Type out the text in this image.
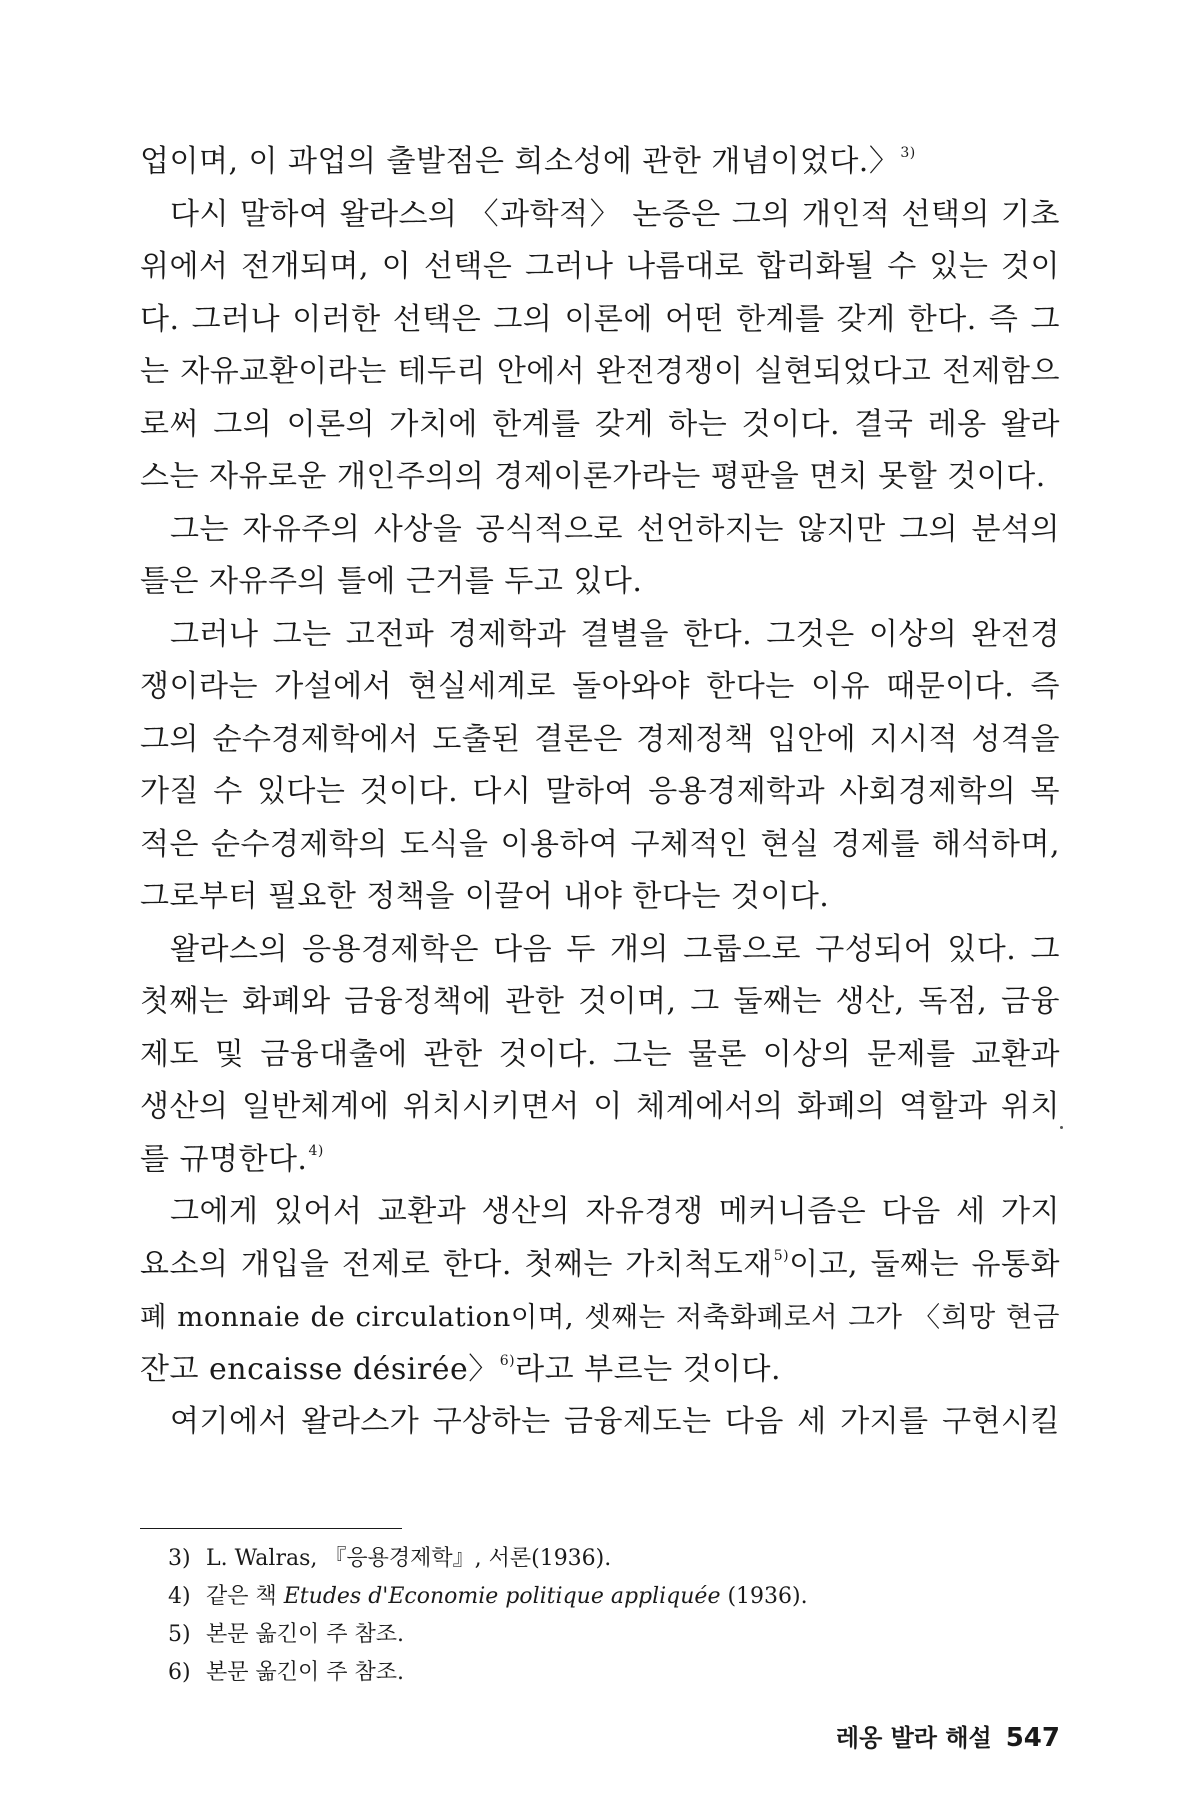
업이며, 이 과업의 출발점은 희소성에 관한 개념이었다.〉$^{3)}$
다시 말하여 왈라스의 〈과학적〉 논증은 그의 개인적 선택의 기초
위에서 전개되며, 이 선택은 그러나 나름대로 합리화될 수 있는 것이
다. 그러나 이러한 선택은 그의 이론에 어떤 한계를 갖게 한다. 즉 그
는 자유교환이라는 테두리 안에서 완전경쟁이 실현되었다고 전제함으
로써 그의 이론의 가치에 한계를 갖게 하는 것이다. 결국 레옹 왈라
스는 자유로운 개인주의의 경제이론가라는 평판을 면치 못할 것이다.
그는 자유주의 사상을 공식적으로 선언하지는 않지만 그의 분석의
틀은 자유주의 틀에 근거를 두고 있다.
그러나 그는 고전파 경제학과 결별을 한다. 그것은 이상의 완전경
쟁이라는 가설에서 현실세계로 돌아와야 한다는 이유 때문이다. 즉
그의 순수경제학에서 도출된 결론은 경제정책 입안에 지시적 성격을
가질 수 있다는 것이다. 다시 말하여 응용경제학과 사회경제학의 목
적은 순수경제학의 도식을 이용하여 구체적인 현실 경제를 해석하며,
그로부터 필요한 정책을 이끌어 내야 한다는 것이다.
왈라스의 응용경제학은 다음 두 개의 그룹으로 구성되어 있다. 그
첫째는 화폐와 금융정책에 관한 것이며, 그 둘째는 생산, 독점, 금융
제도 및 금융대출에 관한 것이다. 그는 물론 이상의 문제를 교환과
생산의 일반체계에 위치시키면서 이 체계에서의 화폐의 역할과 위치
를 규명한다.$^{4)}$
그에게 있어서 교환과 생산의 자유경쟁 메커니즘은 다음 세 가지
요소의 개입을 전제로 한다. 첫째는 가치척도재$^{5)}$이고, 둘째는 유통화
폐 monnaie de circulation이며, 셋째는 저축화폐로서 그가 〈희망 현금
잔고 encaisse désirée〉$^{6)}$라고 부르는 것이다.
여기에서 왈라스가 구상하는 금융제도는 다음 세 가지를 구현시킬
3) L. Walras, 『응용경제학』, 서론(1936).
4) 같은 책 Etudes d'Economie politique appliquée (1936).
5) 본문 옮긴이 주 참조.
6) 본문 옮긴이 주 참조.
레옹 발라 해설 547
